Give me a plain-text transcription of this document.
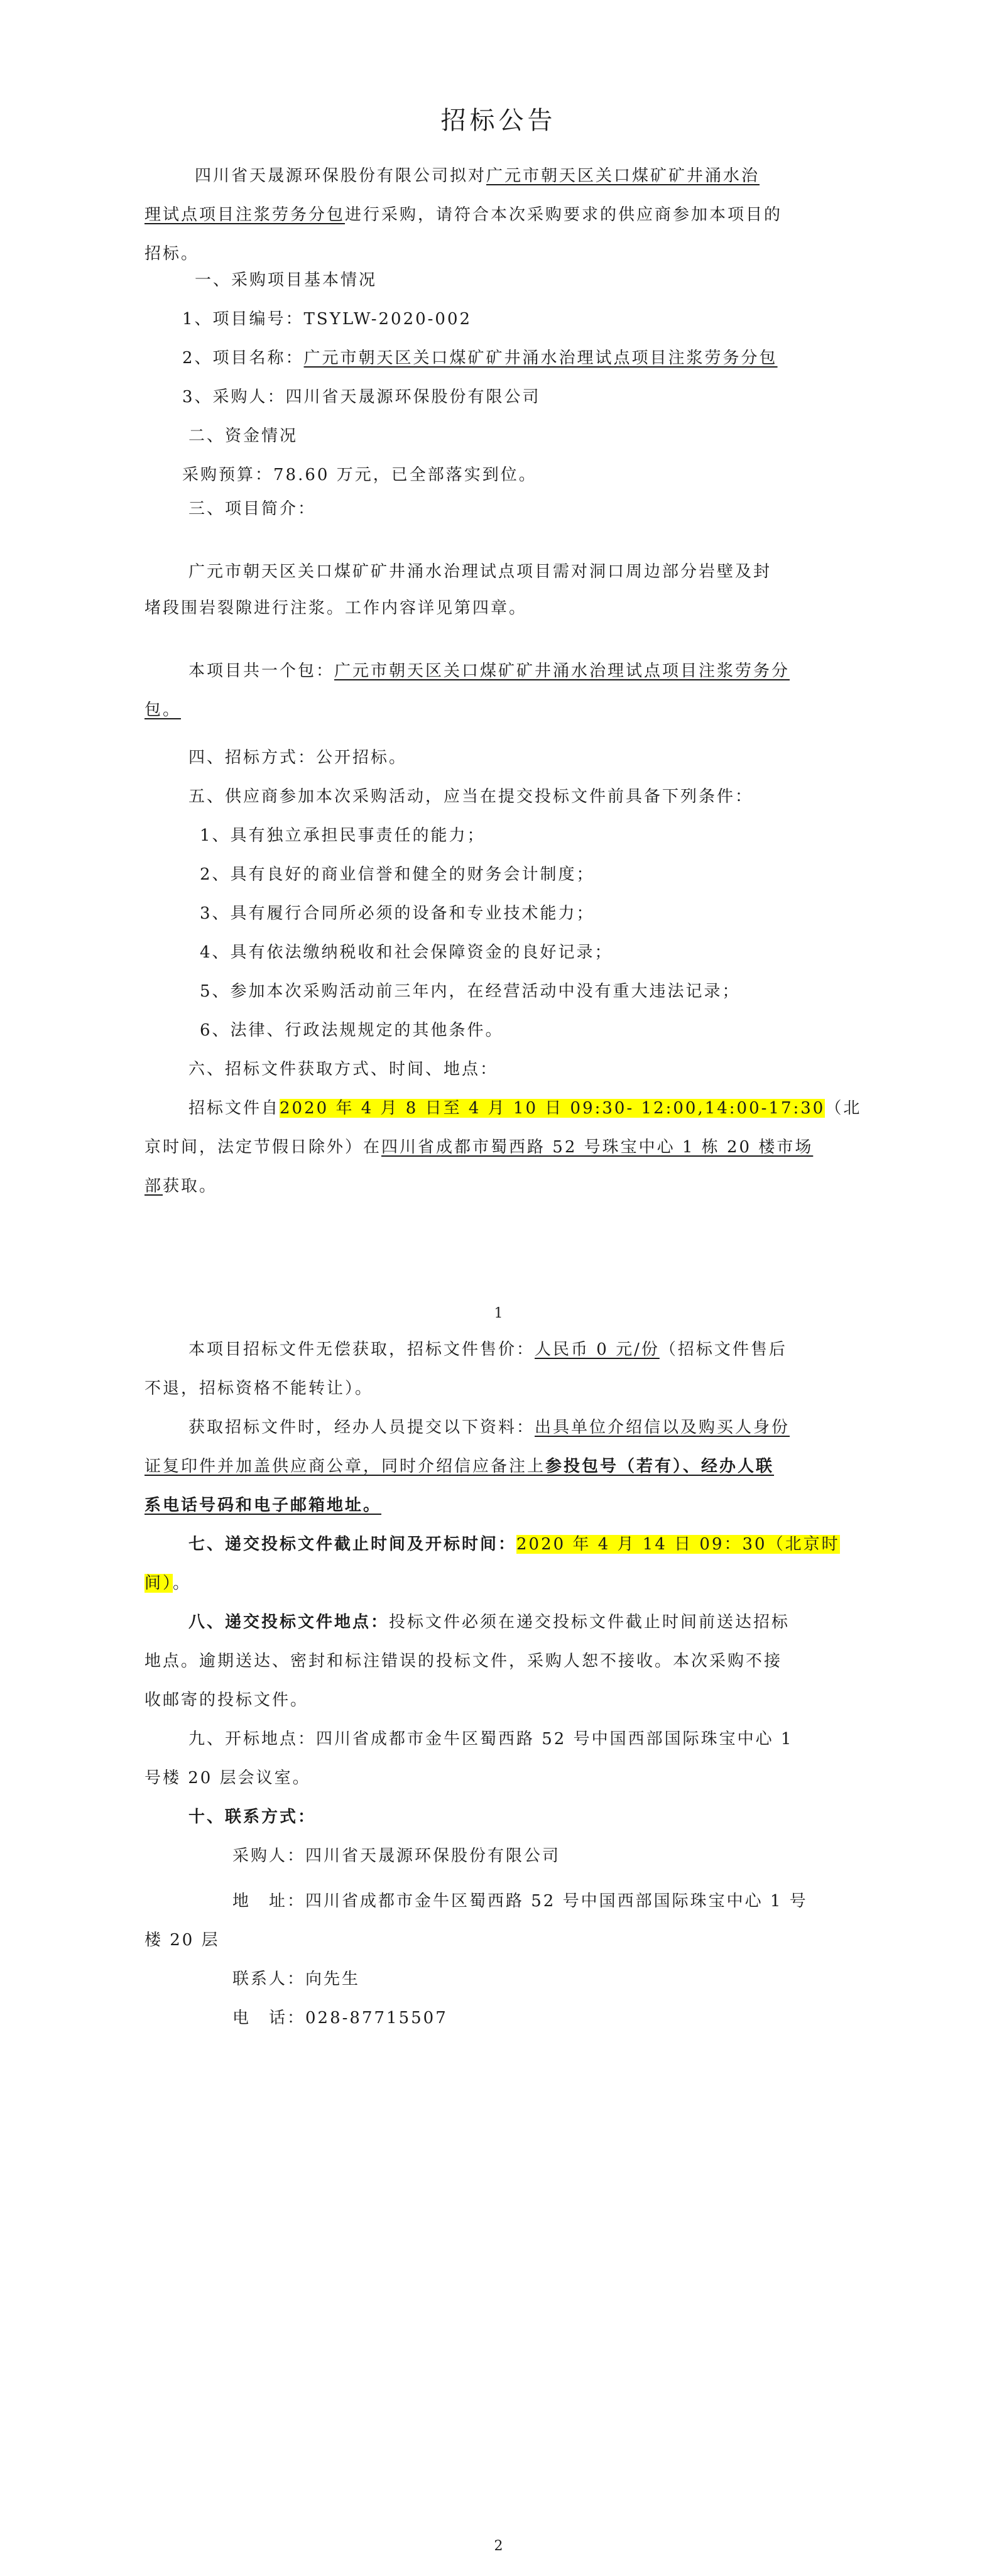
招标公告
四川省天晟源环保股份有限公司拟对广元市朝天区关口煤矿矿井涌水治
理试点项目注浆劳务分包进行采购，请符合本次采购要求的供应商参加本项目的
招标。
一、采购项目基本情况
1、项目编号：TSYLW-2020-002
2、项目名称：广元市朝天区关口煤矿矿井涌水治理试点项目注浆劳务分包
3、采购人：四川省天晟源环保股份有限公司
二、资金情况
采购预算：78.60 万元，已全部落实到位。
三、项目简介：
广元市朝天区关口煤矿矿井涌水治理试点项目需对洞口周边部分岩壁及封
堵段围岩裂隙进行注浆。工作内容详见第四章。
本项目共一个包：广元市朝天区关口煤矿矿井涌水治理试点项目注浆劳务分
包。
四、招标方式：公开招标。
五、供应商参加本次采购活动，应当在提交投标文件前具备下列条件：
1、具有独立承担民事责任的能力；
2、具有良好的商业信誉和健全的财务会计制度；
3、具有履行合同所必须的设备和专业技术能力；
4、具有依法缴纳税收和社会保障资金的良好记录；
5、参加本次采购活动前三年内，在经营活动中没有重大违法记录；
6、法律、行政法规规定的其他条件。
六、招标文件获取方式、时间、地点：
招标文件自2020 年 4 月 8 日至 4 月 10 日 09:30- 12:00,14:00-17:30（北
京时间，法定节假日除外）在四川省成都市蜀西路 52 号珠宝中心 1 栋 20 楼市场
部获取。
1
本项目招标文件无偿获取，招标文件售价：人民币 0 元/份（招标文件售后
不退，招标资格不能转让）。
获取招标文件时，经办人员提交以下资料：出具单位介绍信以及购买人身份
证复印件并加盖供应商公章，同时介绍信应备注上参投包号（若有）、经办人联
系电话号码和电子邮箱地址。
七、递交投标文件截止时间及开标时间：2020 年 4 月 14 日 09：30（北京时
间）。
八、递交投标文件地点：投标文件必须在递交投标文件截止时间前送达招标
地点。逾期送达、密封和标注错误的投标文件，采购人恕不接收。本次采购不接
收邮寄的投标文件。
九、开标地点：四川省成都市金牛区蜀西路 52 号中国西部国际珠宝中心 1
号楼 20 层会议室。
十、联系方式：
采购人：四川省天晟源环保股份有限公司
地　址：四川省成都市金牛区蜀西路 52 号中国西部国际珠宝中心 1 号
楼 20 层
联系人：向先生
电　话：028-87715507
2
